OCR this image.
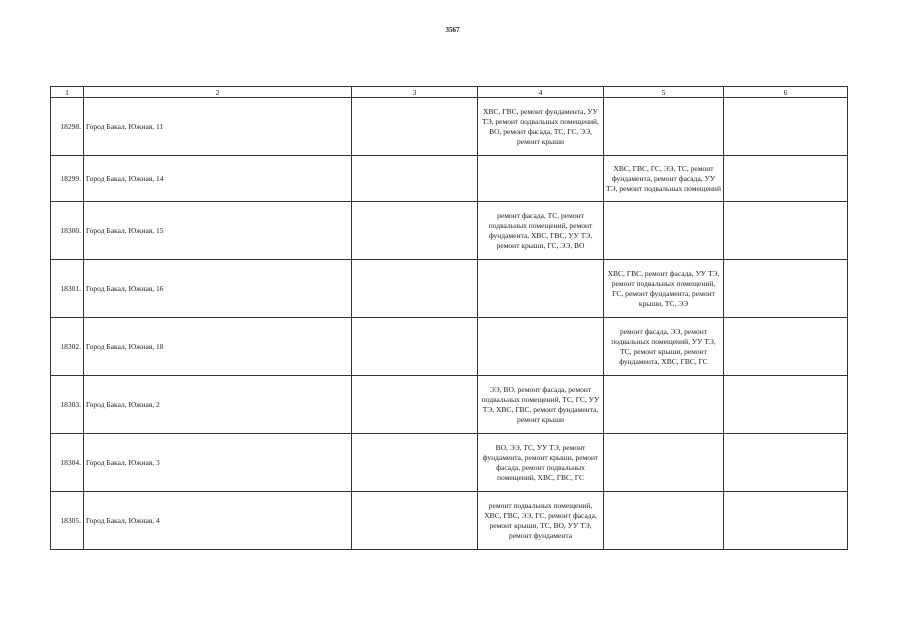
3567
1	2	3	4	5	6
18298.	Город Бакал, Южная, 11		ХВС, ГВС, ремонт фундамента, УУ ТЭ, ремонт подвальных помещений, ВО, ремонт фасада, ТС, ГС, ЭЭ, ремонт крыши		
18299.	Город Бакал, Южная, 14			ХВС, ГВС, ГС, ЭЭ, ТС, ремонт фундамента, ремонт фасада, УУ ТЭ, ремонт подвальных помещений	
18300.	Город Бакал, Южная, 15		ремонт фасада, ТС, ремонт подвальных помещений, ремонт фундамента, ХВС, ГВС, УУ ТЭ, ремонт крыши, ГС, ЭЭ, ВО		
18301.	Город Бакал, Южная, 16			ХВС, ГВС, ремонт фасада, УУ ТЭ, ремонт подвальных помещений, ГС, ремонт фундамента, ремонт крыши, ТС, ЭЭ	
18302.	Город Бакал, Южная, 18			ремонт фасада, ЭЭ, ремонт подвальных помещений, УУ ТЭ, ТС, ремонт крыши, ремонт фундамента, ХВС, ГВС, ГС	
18303.	Город Бакал, Южная, 2		ЭЭ, ВО, ремонт фасада, ремонт подвальных помещений, ТС, ГС, УУ ТЭ, ХВС, ГВС, ремонт фундамента, ремонт крыши		
18304.	Город Бакал, Южная, 3		ВО, ЭЭ, ТС, УУ ТЭ, ремонт фундамента, ремонт крыши, ремонт фасада, ремонт подвальных помещений, ХВС, ГВС, ГС		
18305.	Город Бакал, Южная, 4		ремонт подвальных помещений, ХВС, ГВС, ЭЭ, ГС, ремонт фасада, ремонт крыши, ТС, ВО, УУ ТЭ, ремонт фундамента		
